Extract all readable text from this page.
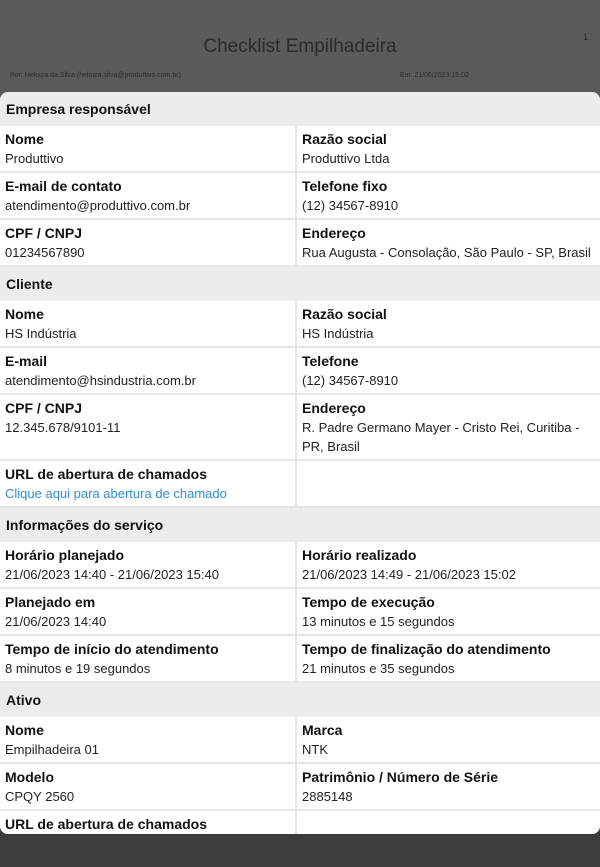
Checklist Empilhadeira	1
Por: Heloiza da Silva (heloiza.silva@produttivo.com.br)	Em: 21/06/2023 15:02
Empresa responsável
Nome
Produttivo
Razão social
Produttivo Ltda
E-mail de contato
atendimento@produttivo.com.br
Telefone fixo
(12) 34567-8910
CPF / CNPJ
01234567890
Endereço
Rua Augusta - Consolação, São Paulo - SP, Brasil
Cliente
Nome
HS Indústria
Razão social
HS Indústria
E-mail
atendimento@hsindustria.com.br
Telefone
(12) 34567-8910
CPF / CNPJ
12.345.678/9101-11
Endereço
R. Padre Germano Mayer - Cristo Rei, Curitiba - PR, Brasil
URL de abertura de chamados
Clique aqui para abertura de chamado
Informações do serviço
Horário planejado
21/06/2023 14:40 - 21/06/2023 15:40
Horário realizado
21/06/2023 14:49 - 21/06/2023 15:02
Planejado em
21/06/2023 14:40
Tempo de execução
13 minutos e 15 segundos
Tempo de início do atendimento
8 minutos e 19 segundos
Tempo de finalização do atendimento
21 minutos e 35 segundos
Ativo
Nome
Empilhadeira 01
Marca
NTK
Modelo
CPQY 2560
Patrimônio / Número de Série
2885148
URL de abertura de chamados
